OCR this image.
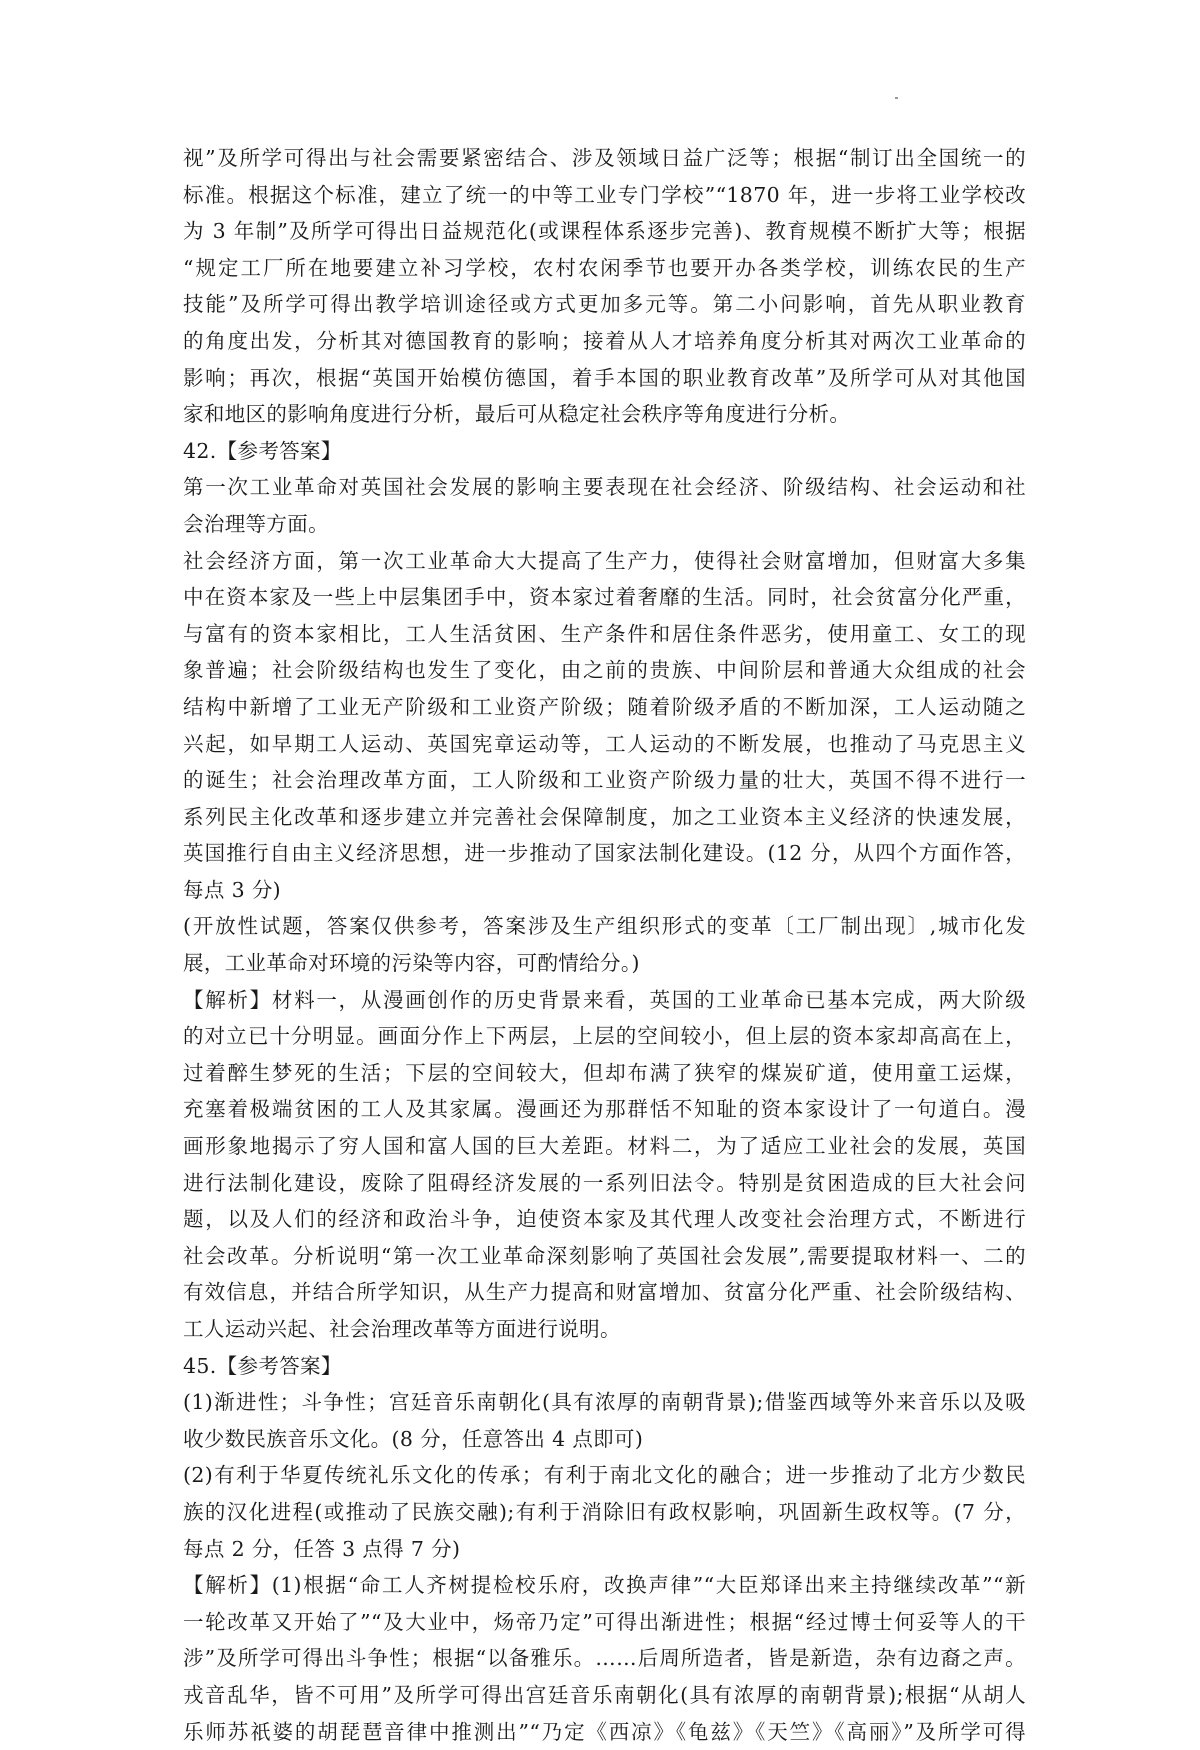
视”及所学可得出与社会需要紧密结合、涉及领域日益广泛等；根据“制订出全国统一的
标准。根据这个标准，建立了统一的中等工业专门学校”“1870 年，进一步将工业学校改
为 3 年制”及所学可得出日益规范化(或课程体系逐步完善)、教育规模不断扩大等；根据
“规定工厂所在地要建立补习学校，农村农闲季节也要开办各类学校，训练农民的生产
技能”及所学可得出教学培训途径或方式更加多元等。第二小问影响，首先从职业教育
的角度出发，分析其对德国教育的影响；接着从人才培养角度分析其对两次工业革命的
影响；再次，根据“英国开始模仿德国，着手本国的职业教育改革”及所学可从对其他国
家和地区的影响角度进行分析，最后可从稳定社会秩序等角度进行分析。
42.【参考答案】
第一次工业革命对英国社会发展的影响主要表现在社会经济、阶级结构、社会运动和社
会治理等方面。
社会经济方面，第一次工业革命大大提高了生产力，使得社会财富增加，但财富大多集
中在资本家及一些上中层集团手中，资本家过着奢靡的生活。同时，社会贫富分化严重，
与富有的资本家相比，工人生活贫困、生产条件和居住条件恶劣，使用童工、女工的现
象普遍；社会阶级结构也发生了变化，由之前的贵族、中间阶层和普通大众组成的社会
结构中新增了工业无产阶级和工业资产阶级；随着阶级矛盾的不断加深，工人运动随之
兴起，如早期工人运动、英国宪章运动等，工人运动的不断发展，也推动了马克思主义
的诞生；社会治理改革方面，工人阶级和工业资产阶级力量的壮大，英国不得不进行一
系列民主化改革和逐步建立并完善社会保障制度，加之工业资本主义经济的快速发展，
英国推行自由主义经济思想，进一步推动了国家法制化建设。(12 分，从四个方面作答，
每点 3 分)
(开放性试题，答案仅供参考，答案涉及生产组织形式的变革〔工厂制出现〕,城市化发
展，工业革命对环境的污染等内容，可酌情给分。)
【解析】材料一，从漫画创作的历史背景来看，英国的工业革命已基本完成，两大阶级
的对立已十分明显。画面分作上下两层，上层的空间较小，但上层的资本家却高高在上，
过着醉生梦死的生活；下层的空间较大，但却布满了狭窄的煤炭矿道，使用童工运煤，
充塞着极端贫困的工人及其家属。漫画还为那群恬不知耻的资本家设计了一句道白。漫
画形象地揭示了穷人国和富人国的巨大差距。材料二，为了适应工业社会的发展，英国
进行法制化建设，废除了阻碍经济发展的一系列旧法令。特别是贫困造成的巨大社会问
题，以及人们的经济和政治斗争，迫使资本家及其代理人改变社会治理方式，不断进行
社会改革。分析说明“第一次工业革命深刻影响了英国社会发展”,需要提取材料一、二的
有效信息，并结合所学知识，从生产力提高和财富增加、贫富分化严重、社会阶级结构、
工人运动兴起、社会治理改革等方面进行说明。
45.【参考答案】
(1)渐进性；斗争性；宫廷音乐南朝化(具有浓厚的南朝背景);借鉴西域等外来音乐以及吸
收少数民族音乐文化。(8 分，任意答出 4 点即可)
(2)有利于华夏传统礼乐文化的传承；有利于南北文化的融合；进一步推动了北方少数民
族的汉化进程(或推动了民族交融);有利于消除旧有政权影响，巩固新生政权等。(7 分，
每点 2 分，任答 3 点得 7 分)
【解析】(1)根据“命工人齐树提检校乐府，改换声律”“大臣郑译出来主持继续改革”“新
一轮改革又开始了”“及大业中，炀帝乃定”可得出渐进性；根据“经过博士何妥等人的干
涉”及所学可得出斗争性；根据“以备雅乐。……后周所造者，皆是新造，杂有边裔之声。
戎音乱华，皆不可用”及所学可得出宫廷音乐南朝化(具有浓厚的南朝背景);根据“从胡人
乐师苏祇婆的胡琵琶音律中推测出”“乃定《西凉》《龟兹》《天竺》《高丽》”及所学可得
